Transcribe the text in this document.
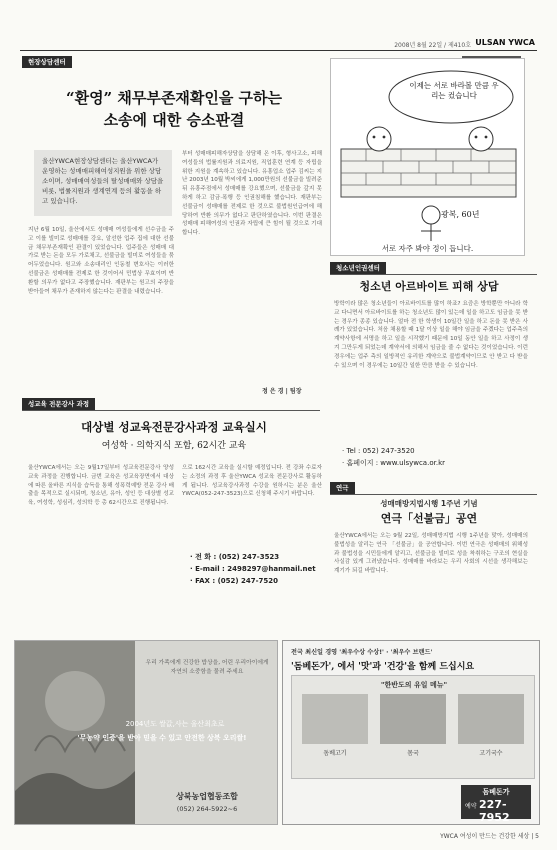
2008년 8월 22일 / 제410호 ULSAN YWCA
현장상담센터
“환영” 채무부존재확인을 구하는
소송에 대한 승소판결
울산YWCA현장상담센터는 울산YWCA가 운영하는 성매매피해여성지원을 위한 상담소이며, 성매매여성들의 탈성매매와 상담을 비롯, 법률지원과 생계연계 등의 활동을 하고 있습니다.
지난 6월 10일, 울산에서도 성매매 여성들에게 선수금을 주고 이를 빌미로 성매매를 강요, 알선한 업주 집에 대한 선불금 채무부존재확인 판결이 있었습니다. 업주들은 성매매 대가로 받는 돈을 모두 가로채고, 선불금을 빌미로 여성들을 묶어두었습니다. 원고와 소송대리인 인동철 변호사는 이러한 선불금은 성매매를 전제로 한 것이어서 민법상 무효이며 반환할 의무가 없다고 주장했습니다. 재판부는 원고의 주장을 받아들여 채무가 존재하지 않는다는 판결을 내렸습니다.
부터 성매매피해자상담을 상담해 온 이후, 형사고소, 피해 여성들의 법률지원과 의료지원, 직업훈련 연계 등 자립을 위한 지원을 계속하고 있습니다. 유흥업소 업주 김씨는 지난 2003년 10월 박씨에게 1,000만원의 선불금을 빌려준 뒤 유흥주점에서 성매매를 강요했으며, 선불금을 갚지 못하게 하고 감금·폭행 등 인권침해를 했습니다. 재판부는 선불금이 성매매를 전제로 한 것으로 불법원인급여에 해당하여 반환 의무가 없다고 판단하였습니다. 이번 판결은 성매매 피해여성의 인권과 자립에 큰 힘이 될 것으로 기대합니다.
정 은 경 | 팀장
이제는 서로 바라볼 만큼 우리는 컸습니다
광복, 60년
서로 자주 봐야 정이 듭니다.
청소년인권센터
청소년 아르바이트 피해 상담
방학이라 많은 청소년들이 아르바이트를 많이 하죠? 요즘은 방학뿐만 아니라 학교 다니면서 아르바이트를 하는 청소년도 많이 있는데 일을 하고도 임금을 못 받는 경우가 종종 있습니다. 얼마 전 한 학생이 10일간 일을 하고 돈을 못 받은 사례가 있었습니다. 처음 채용할 때 1달 이상 일을 해야 임금을 주겠다는 업주측의 계약사항에 서명을 하고 일을 시작했기 때문에 10일 동안 일을 하고 사정이 생겨 그만두게 되었는데 계약서에 의해서 임금을 줄 수 없다는 것이었습니다. 이런 경우에는 업주 측의 일방적인 유리한 계약으로 불법계약이므로 안 받고 다 받을 수 있으며 이 경우에는 10일간 일한 만큼 받을 수 있습니다.
· Tel : 052) 247-3520
· 홈페이지 : www.ulsywca.or.kr
연극
성매매방지법시행 1주년 기념
연극「선불금」공연
울산YWCA에서는 오는 9월 22일, 성매매방지법 시행 1주년을 맞아, 성매매의 불법성을 알리는 연극 「선불금」을 공연합니다. 이번 연극은 성매매의 위해성과 불법성을 시민들에게 알리고, 선불금을 빌미로 성을 착취하는 구조의 현실을 사실감 있게 그려냈습니다. 성매매를 바라보는 우리 사회의 시선을 생각해보는 계기가 되길 바랍니다.
성교육 전문강사 과정
대상별 성교육전문강사과정 교육실시
여성학 · 의학지식 포함, 62시간 교육
울산YWCA에서는 오는 9월17일부터 성교육전문강사 양성교육 과정을 진행합니다. 금번 교육은 성교육장면에서 대상에 따른 올바른 지식을 습득을 통해 성폭력예방 전문 강사 배출을 목적으로 실시되며, 청소년, 유아, 성인 등 대상별 성교육, 여성학, 성심리, 성의학 등 총 62시간으로 진행됩니다.
으로 162시간 교육을 실시할 예정입니다. 전 강좌 수료자는 소정의 과정 후 울산YWCA 성교육 전문강사로 활동하게 됩니다. 성교육강사과정 수강을 원하시는 분은 울산YWCA(052-247-3523)으로 신청해 주시기 바랍니다.
· 전 화 : (052) 247-3523
· E-mail : 2498297@hanmail.net
· FAX : (052) 247-7520
우리 가족에게 건강한 밥상을, 어린 우리아이에게 자연의 소중함을 물려 주세요
2004년도 쌀값,사는 울산최초로
'무농약 인증'을 받아 믿을 수 있고 안전한 상북 오리쌀!
상북농업협동조합
(052) 264-5922~6
전국 최신일 경영 '최우수상 수상!' · '최우수 브랜드'
'돔베돈가', 에서 '맛'과 '건강'을 함께 드십시요
"한반도의 유일 메뉴"
돔베고기	몸국	고기국수
돔베돈가
예약 227-7952
YWCA 여성이 만드는 건강한 세상 | 5
